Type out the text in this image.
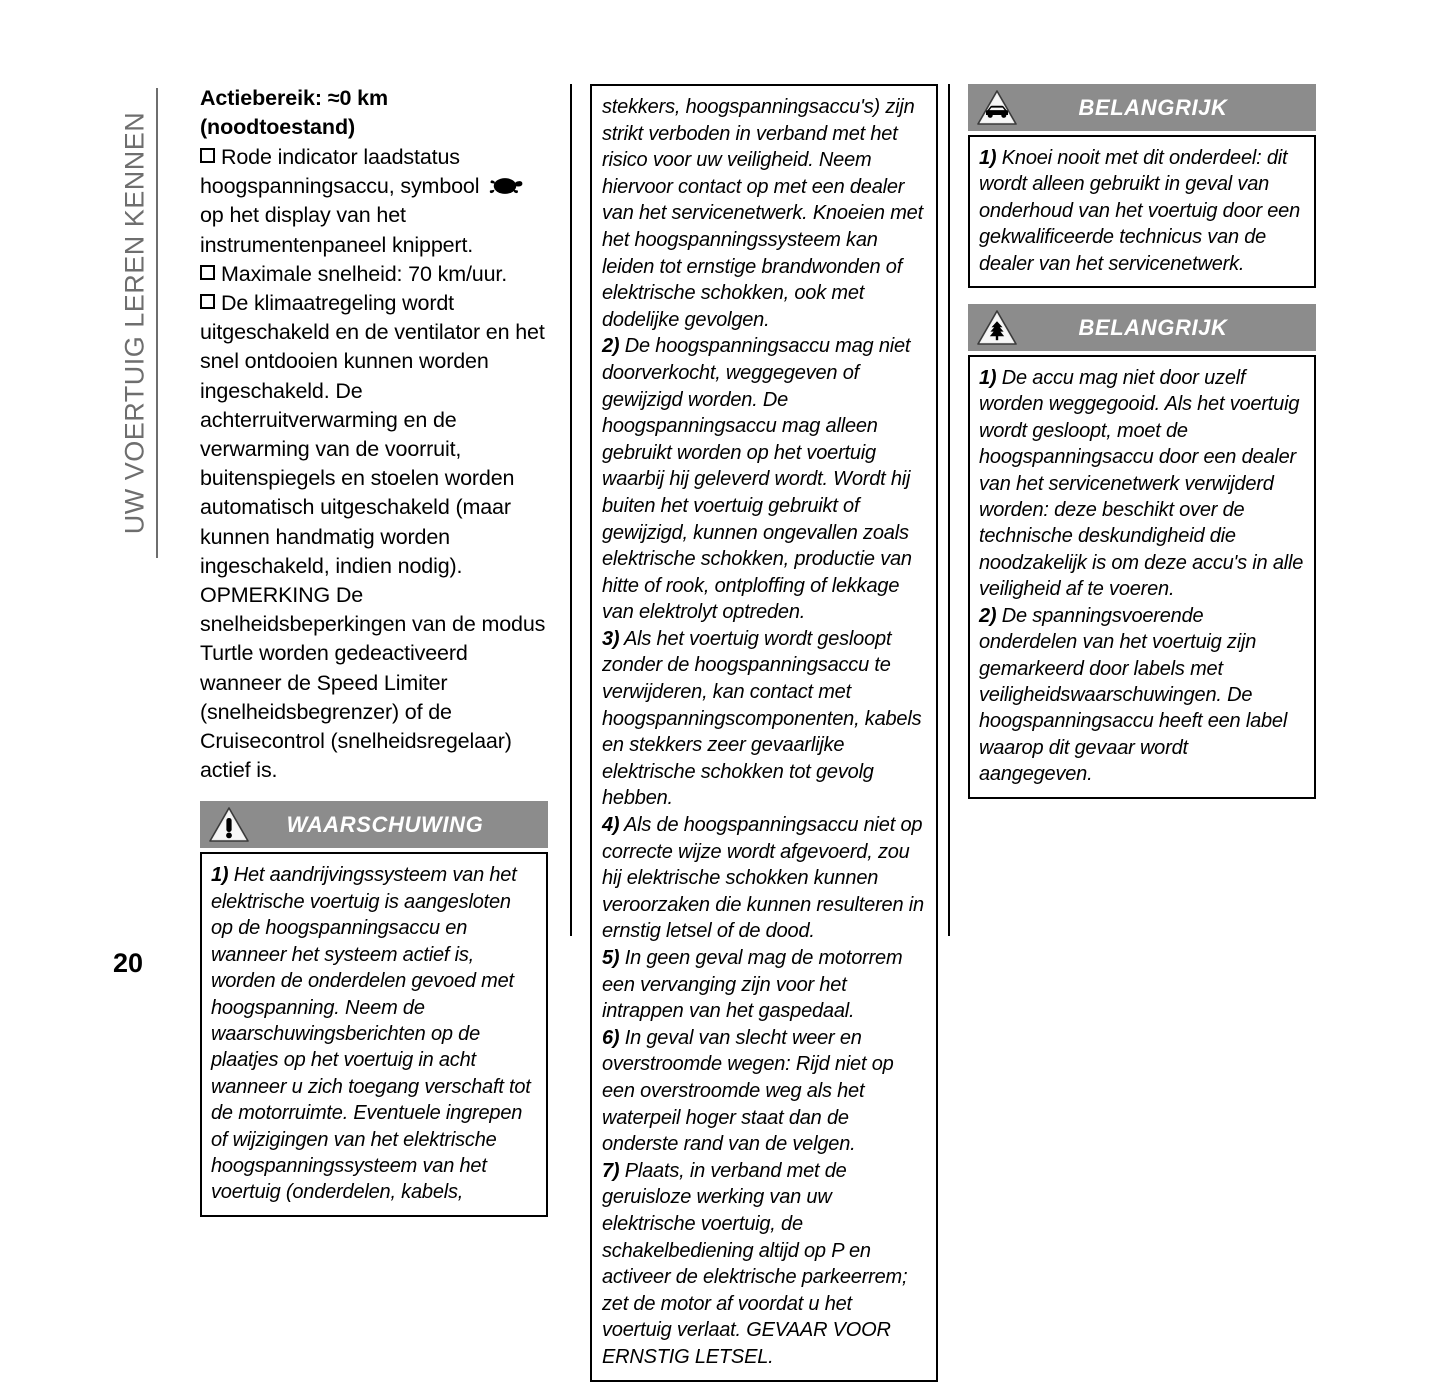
UW VOERTUIG LEREN KENNEN
Actiebereik: ≈0 km (noodtoestand)

Rode indicator laadstatus hoogspanningsaccu, symbool
op het display van het instrumentenpaneel knippert.

Maximale snelheid: 70 km/uur.

De klimaatregeling wordt uitgeschakeld en de ventilator en het snel ontdooien kunnen worden ingeschakeld. De achterruitverwarming en de verwarming van de voorruit, buitenspiegels en stoelen worden automatisch uitgeschakeld (maar kunnen handmatig worden ingeschakeld, indien nodig).

OPMERKING De snelheidsbeperkingen van de modus Turtle worden gedeactiveerd wanneer de Speed Limiter (snelheidsbegrenzer) of de Cruisecontrol (snelheidsregelaar) actief is.

WAARSCHUWING

1) Het aandrijvingssysteem van het elektrische voertuig is aangesloten op de hoogspanningsaccu en wanneer het systeem actief is, worden de onderdelen gevoed met hoogspanning. Neem de waarschuwingsberichten op de plaatjes op het voertuig in acht wanneer u zich toegang verschaft tot de motorruimte. Eventuele ingrepen of wijzigingen van het elektrische hoogspanningssysteem van het voertuig (onderdelen, kabels,

stekkers, hoogspanningsaccu's) zijn strikt verboden in verband met het risico voor uw veiligheid. Neem hiervoor contact op met een dealer van het servicenetwerk. Knoeien met het hoogspanningssysteem kan leiden tot ernstige brandwonden of elektrische schokken, ook met dodelijke gevolgen.

2) De hoogspanningsaccu mag niet doorverkocht, weggegeven of gewijzigd worden. De hoogspanningsaccu mag alleen gebruikt worden op het voertuig waarbij hij geleverd wordt. Wordt hij buiten het voertuig gebruikt of gewijzigd, kunnen ongevallen zoals elektrische schokken, productie van hitte of rook, ontploffing of lekkage van elektrolyt optreden.

3) Als het voertuig wordt gesloopt zonder de hoogspanningsaccu te verwijderen, kan contact met hoogspanningscomponenten, kabels en stekkers zeer gevaarlijke elektrische schokken tot gevolg hebben.

4) Als de hoogspanningsaccu niet op correcte wijze wordt afgevoerd, zou hij elektrische schokken kunnen veroorzaken die kunnen resulteren in ernstig letsel of de dood.

5) In geen geval mag de motorrem een vervanging zijn voor het intrappen van het gaspedaal.

6) In geval van slecht weer en overstroomde wegen: Rijd niet op een overstroomde weg als het waterpeil hoger staat dan de onderste rand van de velgen.

7) Plaats, in verband met de geruisloze werking van uw elektrische voertuig, de schakelbediening altijd op P en activeer de elektrische parkeerrem; zet de motor af voordat u het voertuig verlaat. GEVAAR VOOR ERNSTIG LETSEL.

BELANGRIJK

1) Knoei nooit met dit onderdeel: dit wordt alleen gebruikt in geval van onderhoud van het voertuig door een gekwalificeerde technicus van de dealer van het servicenetwerk.

BELANGRIJK

1) De accu mag niet door uzelf worden weggegooid. Als het voertuig wordt gesloopt, moet de hoogspanningsaccu door een dealer van het servicenetwerk verwijderd worden: deze beschikt over de technische deskundigheid die noodzakelijk is om deze accu's in alle veiligheid af te voeren.

2) De spanningsvoerende onderdelen van het voertuig zijn gemarkeerd door labels met veiligheidswaarschuwingen. De hoogspanningsaccu heeft een label waarop dit gevaar wordt aangegeven.

20
